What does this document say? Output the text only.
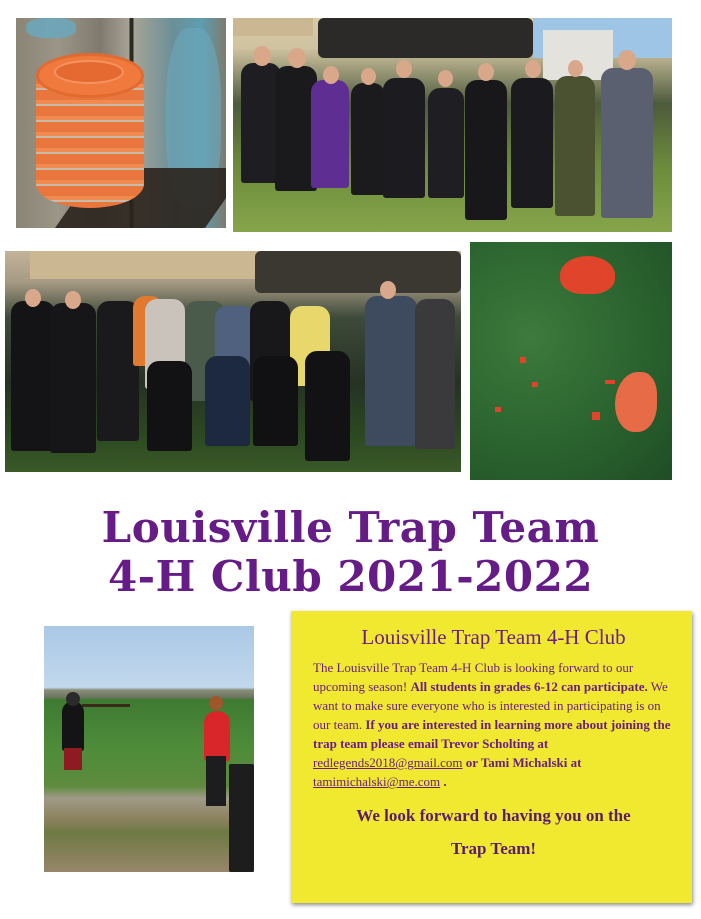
Louisville Trap Team
4-H Club 2021-2022
Louisville Trap Team 4-H Club

The Louisville Trap Team 4-H Club is looking forward to our upcoming season! All students in grades 6-12 can participate. We want to make sure everyone who is interested in participating is on our team. If you are interested in learning more about joining the trap team please email Trevor Scholting at redlegends2018@gmail.com or Tami Michalski at tamimichalski@me.com .

We look forward to having you on the
Trap Team!
